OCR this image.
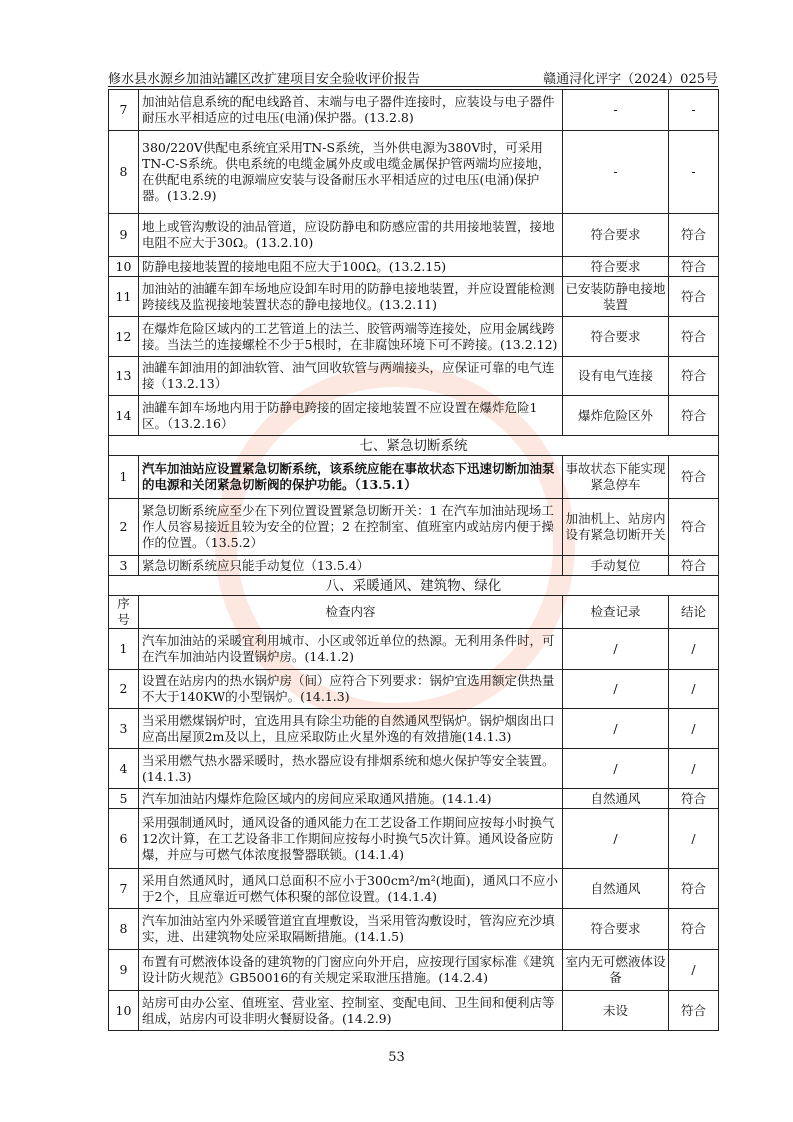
修水县水源乡加油站罐区改扩建项目安全验收评价报告	赣通浔化评字（2024）025号
7	加油站信息系统的配电线路首、末端与电子器件连接时，应装设与电子器件耐压水平相适应的过电压(电涌)保护器。(13.2.8)	-	-
8	380/220V供配电系统宜采用TN-S系统，当外供电源为380V时，可采用TN-C-S系统。供电系统的电缆金属外皮或电缆金属保护管两端均应接地，在供配电系统的电源端应安装与设备耐压水平相适应的过电压(电涌)保护器。(13.2.9)	-	-
9	地上或管沟敷设的油品管道，应设防静电和防感应雷的共用接地装置，接地电阻不应大于30Ω。(13.2.10)	符合要求	符合
10	防静电接地装置的接地电阻不应大于100Ω。(13.2.15)	符合要求	符合
11	加油站的油罐车卸车场地应设卸车时用的防静电接地装置，并应设置能检测跨接线及监视接地装置状态的静电接地仪。(13.2.11)	已安装防静电接地装置	符合
12	在爆炸危险区域内的工艺管道上的法兰、胶管两端等连接处，应用金属线跨接。当法兰的连接螺栓不少于5根时，在非腐蚀环境下可不跨接。(13.2.12)	符合要求	符合
13	油罐车卸油用的卸油软管、油气回收软管与两端接头，应保证可靠的电气连接（13.2.13）	设有电气连接	符合
14	油罐车卸车场地内用于防静电跨接的固定接地装置不应设置在爆炸危险1区。（13.2.16）	爆炸危险区外	符合
七、紧急切断系统			
1	汽车加油站应设置紧急切断系统，该系统应能在事故状态下迅速切断加油泵的电源和关闭紧急切断阀的保护功能。（13.5.1）	事故状态下能实现紧急停车	符合
2	紧急切断系统应至少在下列位置设置紧急切断开关：1 在汽车加油站现场工作人员容易接近且较为安全的位置；2 在控制室、值班室内或站房内便于操作的位置。（13.5.2）	加油机上、站房内设有紧急切断开关	符合
3	紧急切断系统应只能手动复位（13.5.4）	手动复位	符合
八、采暖通风、建筑物、绿化			
序号	检查内容	检查记录	结论
1	汽车加油站的采暖宜利用城市、小区或邻近单位的热源。无利用条件时，可在汽车加油站内设置锅炉房。(14.1.2)	/	/
2	设置在站房内的热水锅炉房（间）应符合下列要求：锅炉宜选用额定供热量不大于140KW的小型锅炉。(14.1.3)	/	/
3	当采用燃煤锅炉时，宜选用具有除尘功能的自然通风型锅炉。锅炉烟囱出口应高出屋顶2m及以上，且应采取防止火星外逸的有效措施(14.1.3)	/	/
4	当采用燃气热水器采暖时，热水器应设有排烟系统和熄火保护等安全装置。(14.1.3)	/	/
5	汽车加油站内爆炸危险区域内的房间应采取通风措施。(14.1.4)	自然通风	符合
6	采用强制通风时，通风设备的通风能力在工艺设备工作期间应按每小时换气12次计算，在工艺设备非工作期间应按每小时换气5次计算。通风设备应防爆，并应与可燃气体浓度报警器联锁。(14.1.4)	/	/
7	采用自然通风时，通风口总面积不应小于300cm²/m²(地面)，通风口不应小于2个，且应靠近可燃气体积聚的部位设置。(14.1.4)	自然通风	符合
8	汽车加油站室内外采暖管道宜直埋敷设，当采用管沟敷设时，管沟应充沙填实，进、出建筑物处应采取隔断措施。(14.1.5)	符合要求	符合
9	布置有可燃液体设备的建筑物的门窗应向外开启，应按现行国家标准《建筑设计防火规范》GB50016的有关规定采取泄压措施。(14.2.4)	室内无可燃液体设备	/
10	站房可由办公室、值班室、营业室、控制室、变配电间、卫生间和便利店等组成，站房内可设非明火餐厨设备。(14.2.9)	未设	符合
53
